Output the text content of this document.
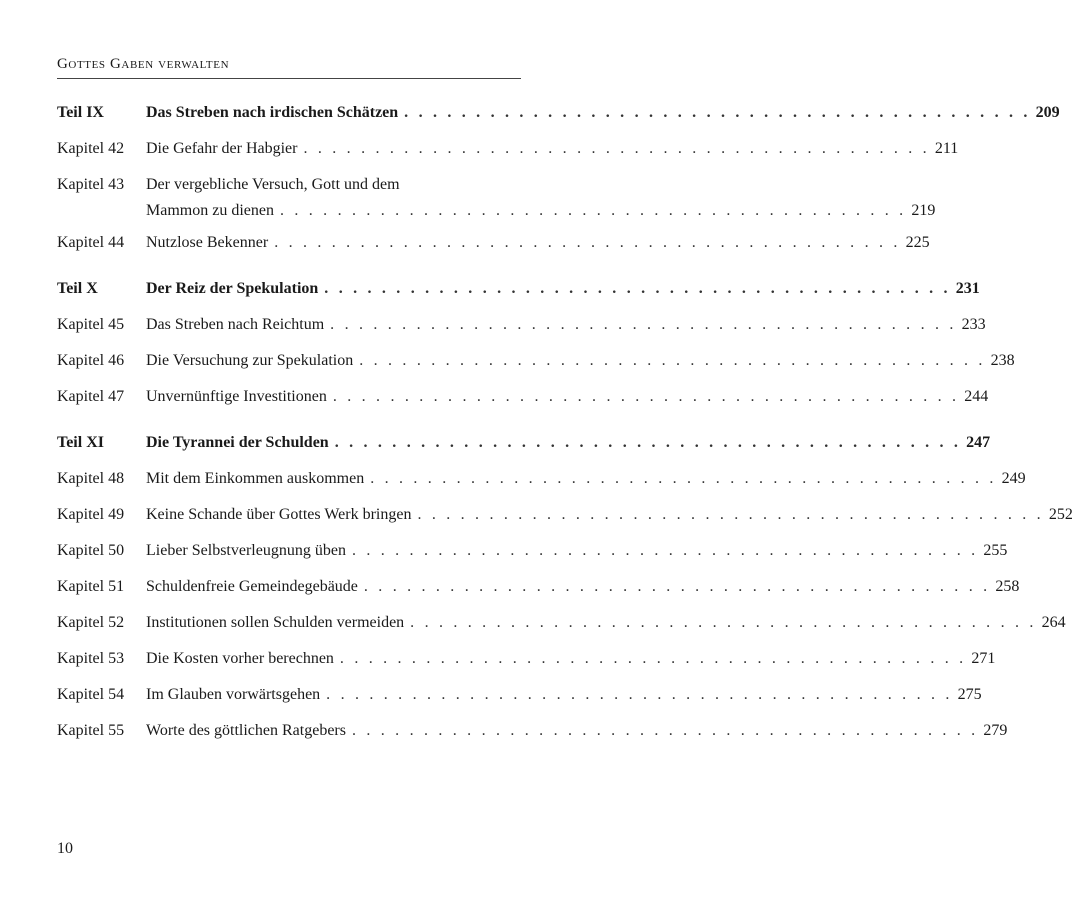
Gottes Gaben verwalten
Teil IX	Das Streben nach irdischen Schätzen . . . . . . . . . . . . . . . . . . . . . . . . . . . . . . . . . . . . . . . . . . . . 209
Kapitel 42 Die Gefahr der Habgier . . . . . . . . . . . . . . . . . . . . . . . . . . . . . . . . . . . . . . . . . . . . 211
Kapitel 43 Der vergebliche Versuch, Gott und dem
Mammon zu dienen . . . . . . . . . . . . . . . . . . . . . . . . . . . . . . . . . . . . . . . . . . . . 219
Kapitel 44 Nutzlose Bekenner . . . . . . . . . . . . . . . . . . . . . . . . . . . . . . . . . . . . . . . . . . . . 225
Teil X	Der Reiz der Spekulation . . . . . . . . . . . . . . . . . . . . . . . . . . . . . . . . . . . . . . . . . . . . 231
Kapitel 45 Das Streben nach Reichtum . . . . . . . . . . . . . . . . . . . . . . . . . . . . . . . . . . . . . . . . . . . . 233
Kapitel 46 Die Versuchung zur Spekulation . . . . . . . . . . . . . . . . . . . . . . . . . . . . . . . . . . . . . . . . . . . . 238
Kapitel 47 Unvernünftige Investitionen . . . . . . . . . . . . . . . . . . . . . . . . . . . . . . . . . . . . . . . . . . . . 244
Teil XI	Die Tyrannei der Schulden . . . . . . . . . . . . . . . . . . . . . . . . . . . . . . . . . . . . . . . . . . . . 247
Kapitel 48 Mit dem Einkommen auskommen . . . . . . . . . . . . . . . . . . . . . . . . . . . . . . . . . . . . . . . . . . . . 249
Kapitel 49 Keine Schande über Gottes Werk bringen . . . . . . . . . . . . . . . . . . . . . . . . . . . . . . . . . . . . . . . . . . . . 252
Kapitel 50 Lieber Selbstverleugnung üben . . . . . . . . . . . . . . . . . . . . . . . . . . . . . . . . . . . . . . . . . . . . 255
Kapitel 51 Schuldenfreie Gemeindegebäude . . . . . . . . . . . . . . . . . . . . . . . . . . . . . . . . . . . . . . . . . . . . 258
Kapitel 52 Institutionen sollen Schulden vermeiden . . . . . . . . . . . . . . . . . . . . . . . . . . . . . . . . . . . . . . . . . . . . 264
Kapitel 53 Die Kosten vorher berechnen . . . . . . . . . . . . . . . . . . . . . . . . . . . . . . . . . . . . . . . . . . . . 271
Kapitel 54 Im Glauben vorwärtsgehen . . . . . . . . . . . . . . . . . . . . . . . . . . . . . . . . . . . . . . . . . . . . 275
Kapitel 55 Worte des göttlichen Ratgebers . . . . . . . . . . . . . . . . . . . . . . . . . . . . . . . . . . . . . . . . . . . . 279
10
